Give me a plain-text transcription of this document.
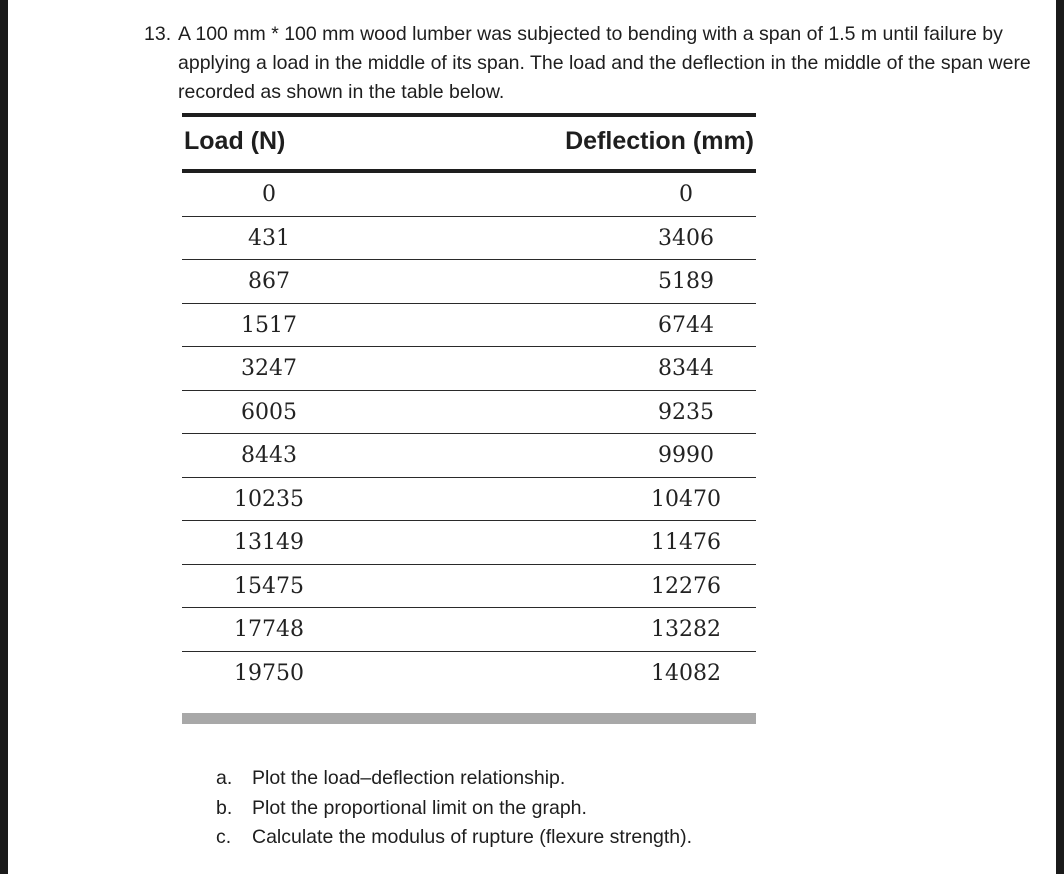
13. A 100 mm * 100 mm wood lumber was subjected to bending with a span of 1.5 m until failure by applying a load in the middle of its span. The load and the deflection in the middle of the span were recorded as shown in the table below.
Load (N)	Deflection (mm)
0	0
431	3406
867	5189
1517	6744
3247	8344
6005	9235
8443	9990
10235	10470
13149	11476
15475	12276
17748	13282
19750	14082
a. Plot the load–deflection relationship.
b. Plot the proportional limit on the graph.
c. Calculate the modulus of rupture (flexure strength).
